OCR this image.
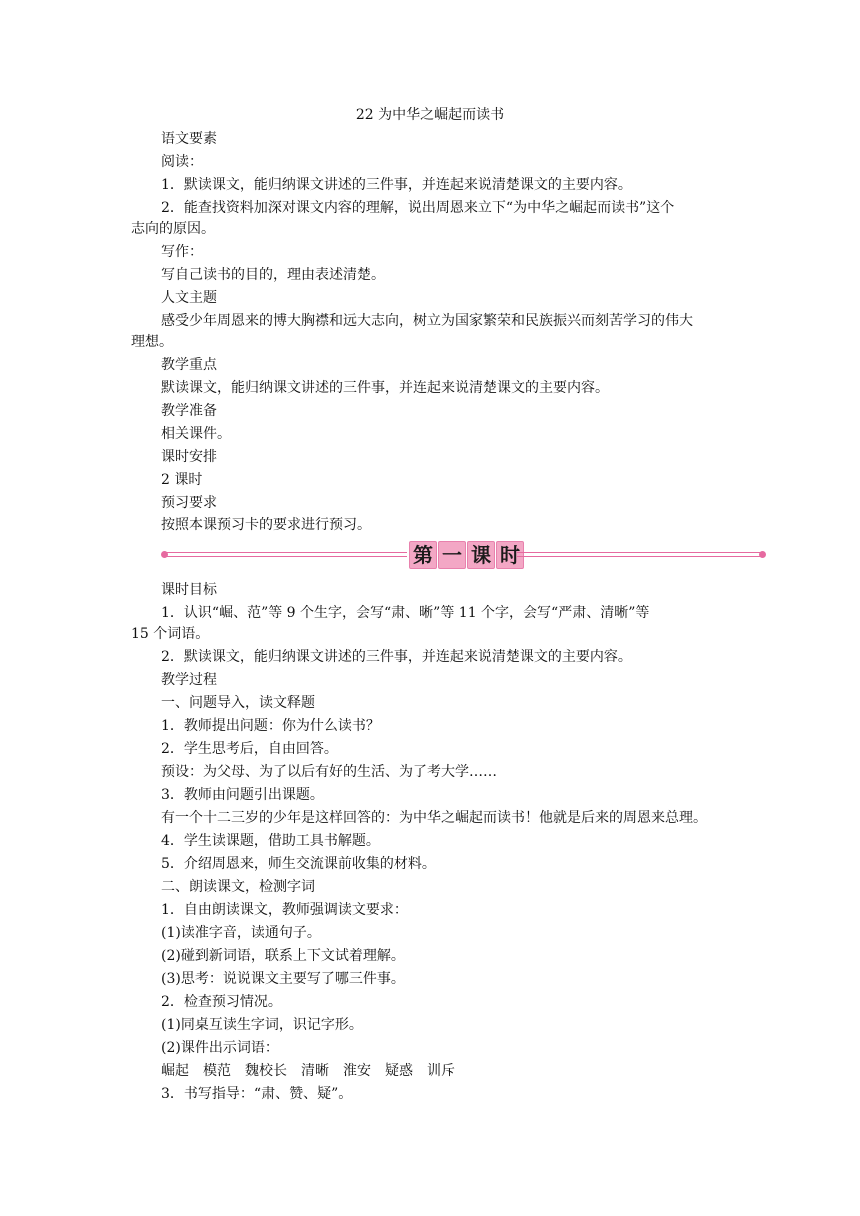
22 为中华之崛起而读书
语文要素
阅读：
1．默读课文，能归纳课文讲述的三件事，并连起来说清楚课文的主要内容。
2．能查找资料加深对课文内容的理解，说出周恩来立下“为中华之崛起而读书”这个
志向的原因。
写作：
写自己读书的目的，理由表述清楚。
人文主题
感受少年周恩来的博大胸襟和远大志向，树立为国家繁荣和民族振兴而刻苦学习的伟大
理想。
教学重点
默读课文，能归纳课文讲述的三件事，并连起来说清楚课文的主要内容。
教学准备
相关课件。
课时安排
2 课时
预习要求
按照本课预习卡的要求进行预习。
第 一 课 时
课时目标
1．认识“崛、范”等 9 个生字，会写“肃、晰”等 11 个字，会写“严肃、清晰”等
15 个词语。
2．默读课文，能归纳课文讲述的三件事，并连起来说清楚课文的主要内容。
教学过程
一、问题导入，读文释题
1．教师提出问题：你为什么读书？
2．学生思考后，自由回答。
预设：为父母、为了以后有好的生活、为了考大学……
3．教师由问题引出课题。
有一个十二三岁的少年是这样回答的：为中华之崛起而读书！他就是后来的周恩来总理。
4．学生读课题，借助工具书解题。
5．介绍周恩来，师生交流课前收集的材料。
二、朗读课文，检测字词
1．自由朗读课文，教师强调读文要求：
(1)读准字音，读通句子。
(2)碰到新词语，联系上下文试着理解。
(3)思考：说说课文主要写了哪三件事。
2．检查预习情况。
(1)同桌互读生字词，识记字形。
(2)课件出示词语：
崛起　模范　魏校长　清晰　淮安　疑惑　训斥
3．书写指导：“肃、赞、疑”。
